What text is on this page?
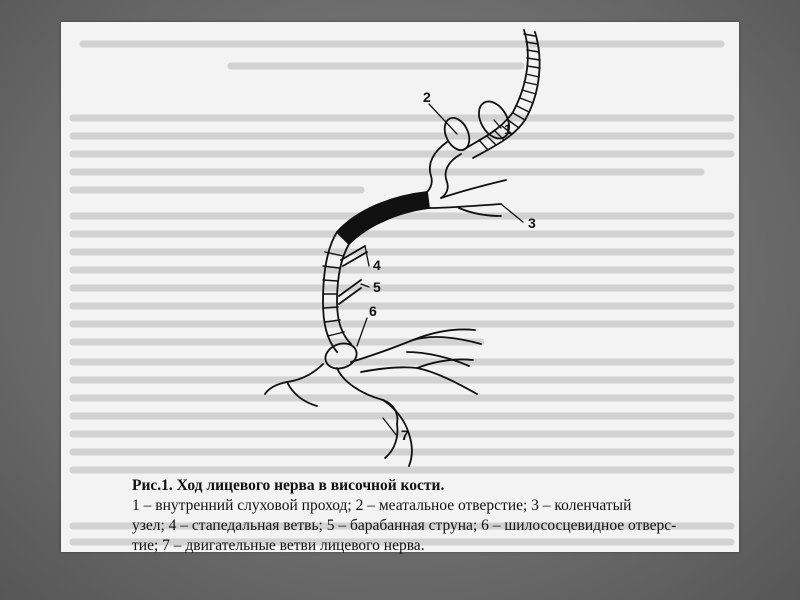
1
2
3
4
5
6
7

Рис.1. Ход лицевого нерва в височной кости.

1 – внутренний слуховой проход; 2 – меатальное отверстие; 3 – коленчатый

узел; 4 – стапедальная ветвь; 5 – барабанная струна; 6 – шилососцевидное отверс-

тие; 7 – двигательные ветви лицевого нерва.
